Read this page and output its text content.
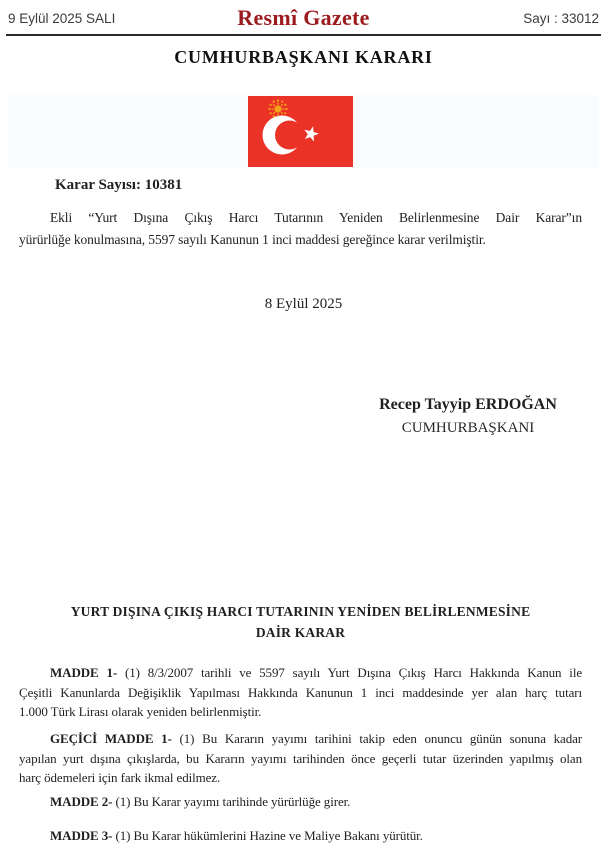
9 Eylül 2025 SALI	Resmî Gazete	Sayı : 33012
CUMHURBAŞKANI KARARI
Karar Sayısı: 10381
Ekli “Yurt Dışına Çıkış Harcı Tutarının Yeniden Belirlenmesine Dair Karar”ın
yürürlüğe konulmasına, 5597 sayılı Kanunun 1 inci maddesi gereğince karar verilmiştir.
8 Eylül 2025
Recep Tayyip ERDOĞAN
CUMHURBAŞKANI
YURT DIŞINA ÇIKIŞ HARCI TUTARININ YENİDEN BELİRLENMESİNE
DAİR KARAR
MADDE 1- (1) 8/3/2007 tarihli ve 5597 sayılı Yurt Dışına Çıkış Harcı Hakkında Kanun ile
Çeşitli Kanunlarda Değişiklik Yapılması Hakkında Kanunun 1 inci maddesinde yer alan harç tutarı
1.000 Türk Lirası olarak yeniden belirlenmiştir.
GEÇİCİ MADDE 1- (1) Bu Kararın yayımı tarihini takip eden onuncu günün sonuna kadar
yapılan yurt dışına çıkışlarda, bu Kararın yayımı tarihinden önce geçerli tutar üzerinden yapılmış olan
harç ödemeleri için fark ikmal edilmez.
MADDE 2- (1) Bu Karar yayımı tarihinde yürürlüğe girer.
MADDE 3- (1) Bu Karar hükümlerini Hazine ve Maliye Bakanı yürütür.
